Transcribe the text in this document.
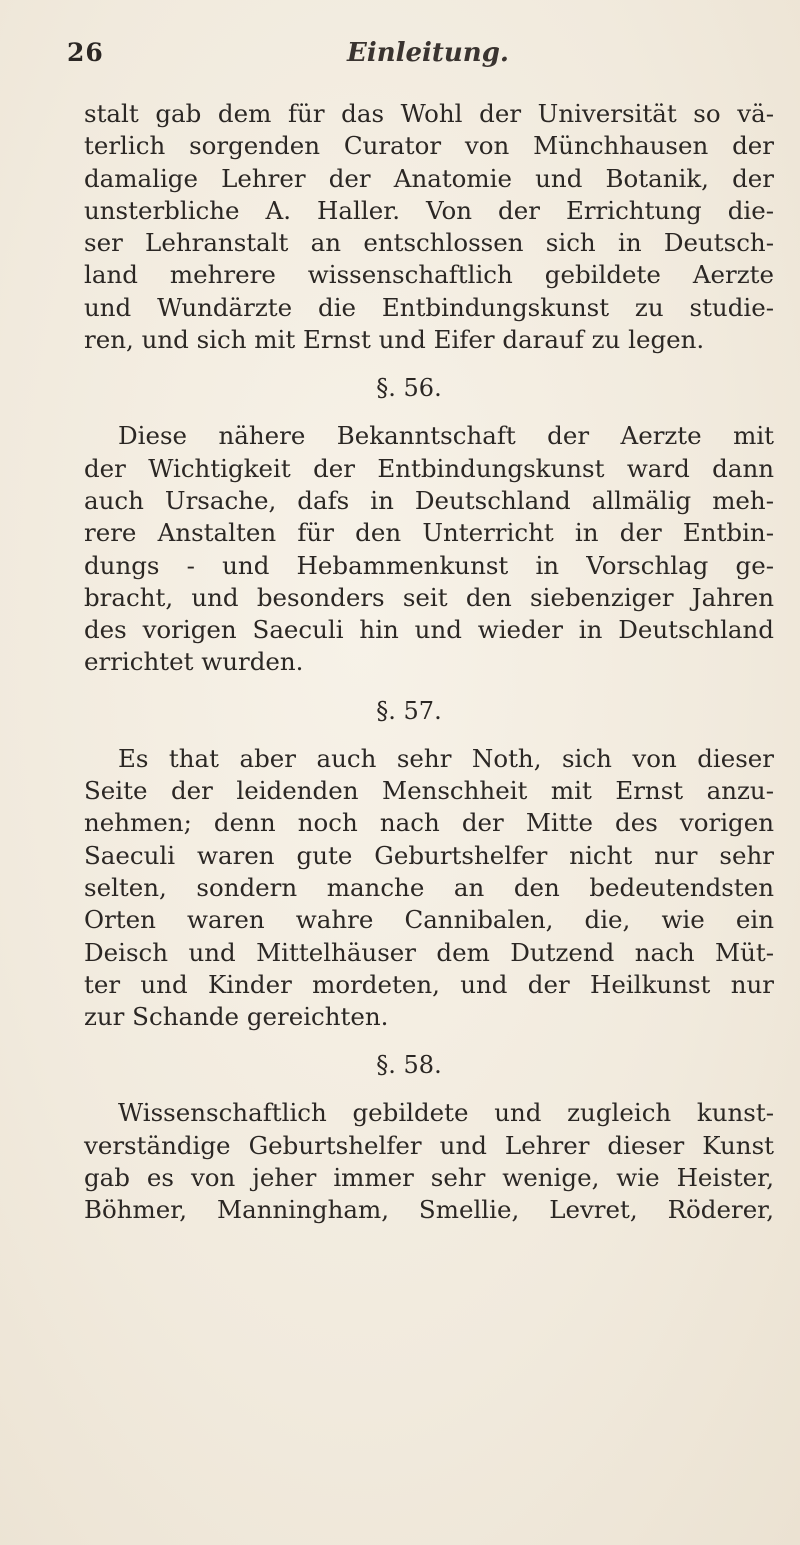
26	Einleitung.

stalt gab dem für das Wohl der Universität so vä-
terlich sorgenden Curator von Münchhausen der
damalige Lehrer der Anatomie und Botanik, der
unsterbliche A. Haller. Von der Errichtung die-
ser Lehranstalt an entschlossen sich in Deutsch-
land mehrere wissenschaftlich gebildete Aerzte
und Wundärzte die Entbindungskunst zu studie-
ren, und sich mit Ernst und Eifer darauf zu legen.

§. 56.

Diese nähere Bekanntschaft der Aerzte mit
der Wichtigkeit der Entbindungskunst ward dann
auch Ursache, dafs in Deutschland allmälig meh-
rere Anstalten für den Unterricht in der Entbin-
dungs - und Hebammenkunst in Vorschlag ge-
bracht, und besonders seit den siebenziger Jahren
des vorigen Saeculi hin und wieder in Deutschland
errichtet wurden.

§. 57.

Es that aber auch sehr Noth, sich von dieser
Seite der leidenden Menschheit mit Ernst anzu-
nehmen; denn noch nach der Mitte des vorigen
Saeculi waren gute Geburtshelfer nicht nur sehr
selten, sondern manche an den bedeutendsten
Orten waren wahre Cannibalen, die, wie ein
Deisch und Mittelhäuser dem Dutzend nach Müt-
ter und Kinder mordeten, und der Heilkunst nur
zur Schande gereichten.

§. 58.

Wissenschaftlich gebildete und zugleich kunst-
verständige Geburtshelfer und Lehrer dieser Kunst
gab es von jeher immer sehr wenige, wie Heister,
Böhmer, Manningham, Smellie, Levret, Röderer,
